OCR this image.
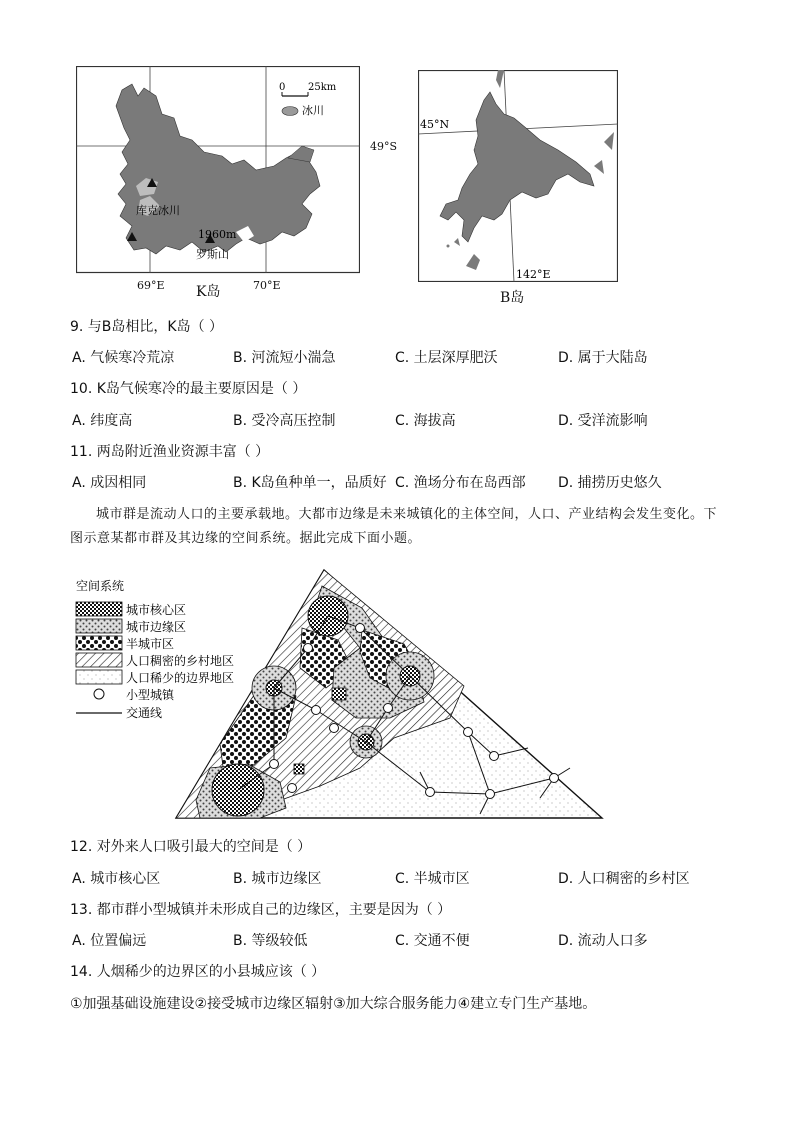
0 25km
冰川
库克冰川
1960m
罗斯山
49°S
69°E	70°E
K岛
45°N
142°E
B岛
9. 与B岛相比，K岛（ ）
A. 气候寒冷荒凉	B. 河流短小湍急	C. 土层深厚肥沃	D. 属于大陆岛
10. K岛气候寒冷的最主要原因是（ ）
A. 纬度高	B. 受冷高压控制	C. 海拔高	D. 受洋流影响
11. 两岛附近渔业资源丰富（ ）
A. 成因相同	B. K岛鱼种单一，品质好 C. 渔场分布在岛西部 D. 捕捞历史悠久
城市群是流动人口的主要承载地。大都市边缘是未来城镇化的主体空间，人口、产业结构会发生变化。下图示意某都市群及其边缘的空间系统。据此完成下面小题。
空间系统
城市核心区
城市边缘区
半城市区
人口稠密的乡村地区
人口稀少的边界地区
小型城镇
交通线
12. 对外来人口吸引最大的空间是（ ）
A. 城市核心区	B. 城市边缘区	C. 半城市区	D. 人口稠密的乡村区
13. 都市群小型城镇并未形成自己的边缘区，主要是因为（ ）
A. 位置偏远	B. 等级较低	C. 交通不便	D. 流动人口多
14. 人烟稀少的边界区的小县城应该（ ）
①加强基础设施建设②接受城市边缘区辐射③加大综合服务能力④建立专门生产基地。
